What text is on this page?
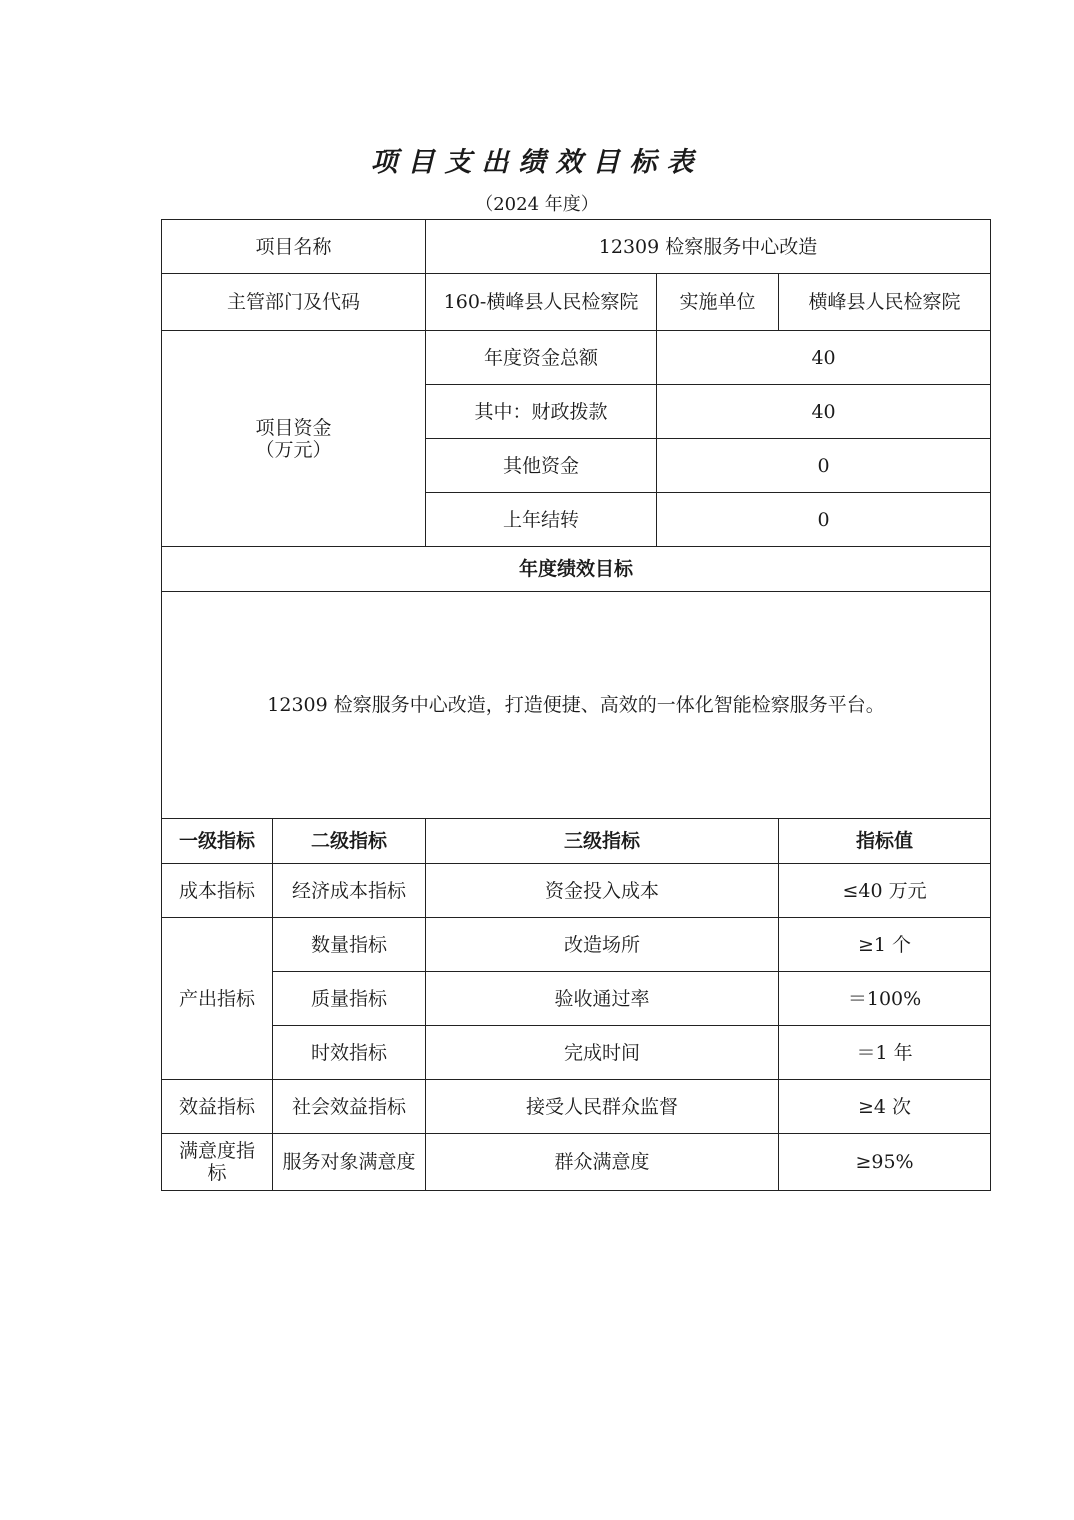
项目支出绩效目标表
（2024 年度）
项目名称		12309 检察服务中心改造		
主管部门及代码		160-横峰县人民检察院	实施单位	横峰县人民检察院

项目资金
（万元）		年度资金总额	40	
		其中：财政拨款	40	
		其他资金	0	
		上年结转	0	
年度绩效目标				
12309 检察服务中心改造，打造便捷、高效的一体化智能检察服务平台。				
一级指标	二级指标	三级指标		指标值
成本指标	经济成本指标	资金投入成本		≤40 万元
产出指标	数量指标	改造场所		≥1 个
	质量指标	验收通过率		＝100%
	时效指标	完成时间		＝1 年
效益指标	社会效益指标	接受人民群众监督		≥4 次
满意度指标	服务对象满意度	群众满意度		≥95%
